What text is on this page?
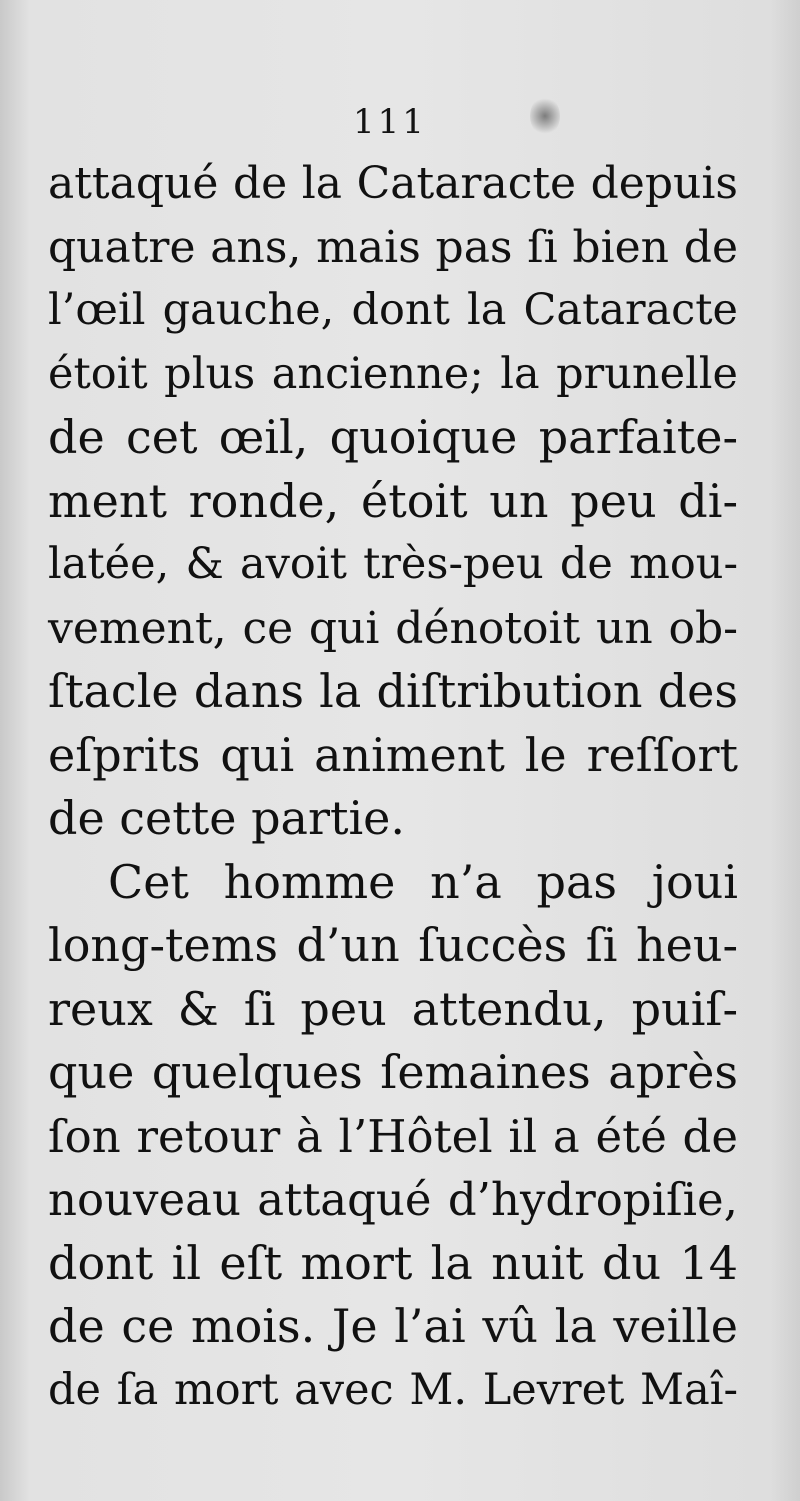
111
attaqué de la Cataracte depuis
quatre ans, mais pas ſi bien de
l’œil gauche, dont la Cataracte
étoit plus ancienne; la prunelle
de cet œil, quoique parfaite-
ment ronde, étoit un peu di-
latée, & avoit très-peu de mou-
vement, ce qui dénotoit un ob-
ſtacle dans la diſtribution des
eſprits qui animent le reſſort
de cette partie.
Cet homme n’a pas joui
long-tems d’un ſuccès ſi heu-
reux & ſi peu attendu, puiſ-
que quelques ſemaines après
ſon retour à l’Hôtel il a été de
nouveau attaqué d’hydropiſie,
dont il eſt mort la nuit du 14
de ce mois. Je l’ai vû la veille
de ſa mort avec M. Levret Maî-
